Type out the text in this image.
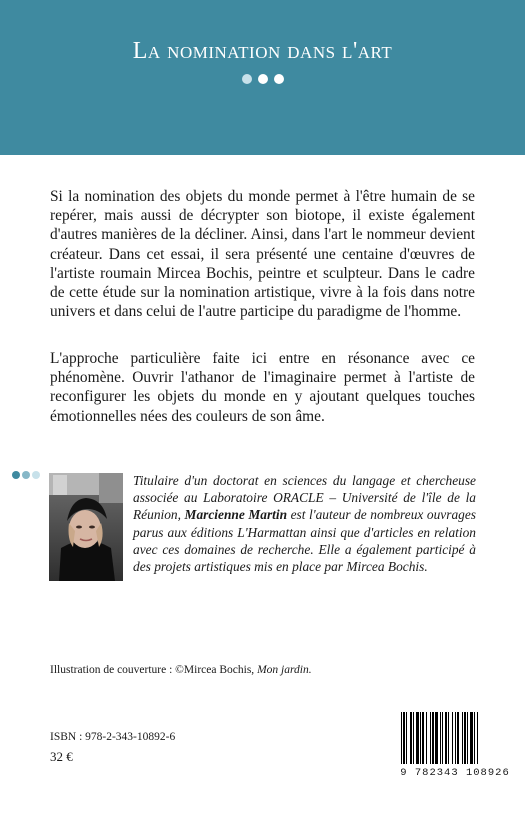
La nomination dans l'art
Si la nomination des objets du monde permet à l'être humain de se repérer, mais aussi de décrypter son biotope, il existe également d'autres manières de la décliner. Ainsi, dans l'art le nommeur devient créateur. Dans cet essai, il sera présenté une centaine d'œuvres de l'artiste roumain Mircea Bochis, peintre et sculpteur. Dans le cadre de cette étude sur la nomination artistique, vivre à la fois dans notre univers et dans celui de l'autre participe du paradigme de l'homme.
L'approche particulière faite ici entre en résonance avec ce phénomène. Ouvrir l'athanor de l'imaginaire permet à l'artiste de reconfigurer les objets du monde en y ajoutant quelques touches émotionnelles nées des couleurs de son âme.
Titulaire d'un doctorat en sciences du langage et chercheuse associée au Laboratoire ORACLE – Université de l'île de la Réunion, Marcienne Martin est l'auteur de nombreux ouvrages parus aux éditions L'Harmattan ainsi que d'articles en relation avec ces domaines de recherche. Elle a également participé à des projets artistiques mis en place par Mircea Bochis.
Illustration de couverture : ©Mircea Bochis, Mon jardin.
ISBN : 978-2-343-10892-6
32 €
9 782343 108926
